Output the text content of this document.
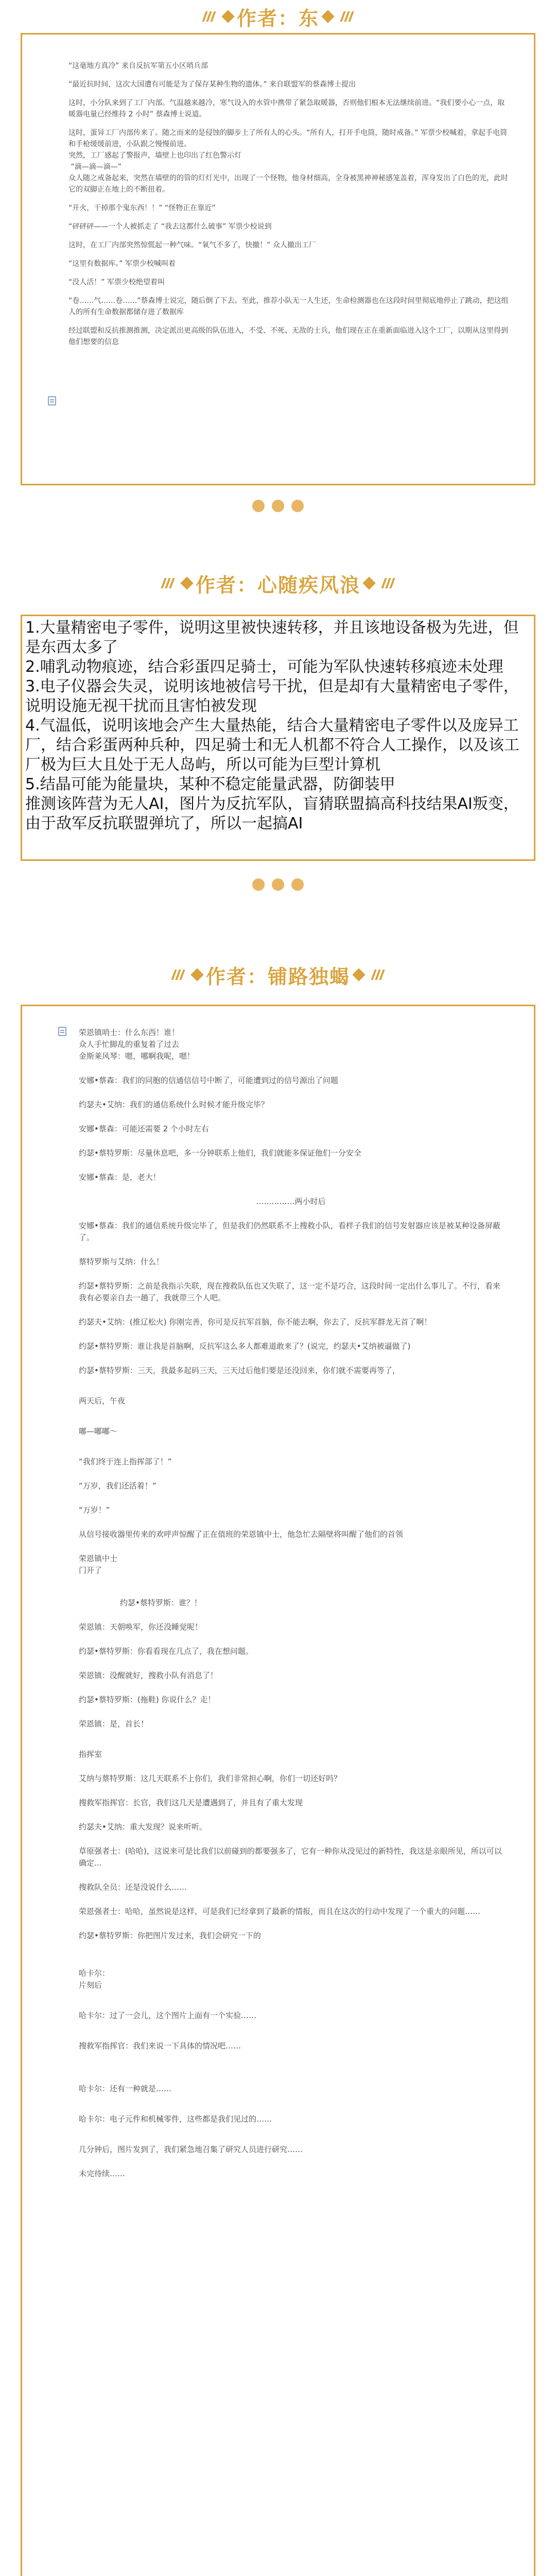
作者：东

“这毫地方真冷” 来自反抗军第五小区哨兵部

“最近抗时间，这次大国遭有可能是为了保存某种生物的遗体。” 来自联盟军的蔡森博士提出

这时，小分队来到了工厂内部。气温越来越冷，寒气设入的水管中携带了紧急取暖器，否则他们根本无法继续前进。“我们要小心一点，取暖器电量已经维持 2 小时” 蔡森博士说道。

这时，蛋异工厂内部传来了。随之而来的是侵蚀的脚步上了所有人的心头。“所有人，打开手电筒，随时戒备。” 军票少校喊着，拿起手电筒和手枪缓缓前进，小队跟之慢慢前进。
突然，工厂感起了警报声，墙壁上也印出了红色警示灯
“滴—滴—滴—”
众人随之戒备起来，突然在墙壁的的管的灯灯光中，出现了一个怪物，他身材细高，全身被黑神神秘感笼盖着，浑身发出了白色的光，此时它的双脚正在地上的不断扭着。

“开火，干掉那个鬼东西！！” “怪物正在靠近”

“砰砰砰——一个人被抓走了 “我去这都什么破事” 军票少校说到

这时，在工厂内部突然惊慌起一种气味。“氧气不多了，快撤！” 众人撤出工厂

“这里有数据库。” 军票少校喊叫着

“没人活！” 军票少校绝望着叫

“卷……气……卷……”蔡森博士说完，随后倒了下去。至此，推荐小队无一人生还，生命检测器也在这段时间里彻底地停止了跳动，把这组人的所有生命数据都储存进了数据库

经过联盟和反抗推测推测，决定派出更高级的队伍进入，不受、不死、无敌的士兵，他们现在正在重新面临进入这个工厂，以期从这里得到他们想要的信息

作者：心随疾风浪

1.大量精密电子零件，说明这里被快速转移，并且该地设备极为先进，但是东西太多了

2.哺乳动物痕迹，结合彩蛋四足骑士，可能为军队快速转移痕迹未处理

3.电子仪器会失灵，说明该地被信号干扰，但是却有大量精密电子零件，说明设施无视干扰而且害怕被发现

4.气温低，说明该地会产生大量热能，结合大量精密电子零件以及庞异工厂，结合彩蛋两种兵种，四足骑士和无人机都不符合人工操作，以及该工厂极为巨大且处于无人岛屿，所以可能为巨型计算机

5.结晶可能为能量块，某种不稳定能量武器，防御装甲

推测该阵营为无人AI，图片为反抗军队，盲猜联盟搞高科技结果AI叛变，由于敌军反抗联盟弹坑了，所以一起搞AI

作者：铺路独蝎

荣恩镇哨士：什么东西！谁！
众人手忙脚乱的重复着了过去
金斯莱风琴：嗯，哪啊我呢，嗯！

安娜•蔡森：我们的同胞的信通信信号中断了，可能遭到过的信号源出了问题

约瑟夫•艾纳：我们的通信系统什么时候才能升级完毕？

安娜•蔡森：可能还需要 2 个小时左右

约瑟•蔡特罗斯：尽量休息吧，多一分钟联系上他们，我们就能多保证他们一分安全

安娜•蔡森：是，老大！

……………两小时后

安娜•蔡森：我们的通信系统升级完毕了，但是我们仍然联系不上搜救小队，看样子我们的信号发射器应该是被某种设备屏蔽了。

蔡特罗斯与艾纳：什么！

约瑟•蔡特罗斯：之前是我指示失联，现在搜救队伍也又失联了，这一定不是巧合，这段时间一定出什么事儿了。不行，看来我有必要亲自去一趟了，我就带三个人吧。

约瑟夫•艾纳：(推辽松火) 你刚完善，你可是反抗军首脑，你不能去啊，你去了，反抗军群龙无首了啊！

约瑟•蔡特罗斯：谁让我是首脑啊，反抗军这么多人都难道敢来了？(说完，约瑟夫•艾纳被逼做了)

约瑟•蔡特罗斯：三天，我最多起码三天，三天过后他们要是还没回来，你们就不需要再等了，

两天后，午夜

嘟—嘟嘟～

“我们终于连上指挥部了！”

“万岁，我们还活着！”

“万岁！”

从信号接收器里传来的欢呼声惊醒了正在值班的荣恩镇中士，他急忙去隔壁将叫醒了他们的首领

荣恩镇中士
门开了

约瑟•蔡特罗斯：谁？！

荣恩镇：天朝唤军，你还没睡觉呢！

约瑟•蔡特罗斯：你看看现在几点了，我在想问题。

荣恩镇：没醒就好，搜救小队有消息了！

约瑟•蔡特罗斯：(拖鞋) 你说什么？走！

荣恩镇：是，首长！

指挥室

艾纳与蔡特罗斯：这几天联系不上你们，我们非常担心啊，你们一切还好吗？

搜救军指挥官：长官，我们这几天是遭遇到了，并且有了重大发现

约瑟夫•艾纳：重大发现？说来听听。

草原强者士：(哈哈)，这说来可是比我们以前碰到的都要强多了，它有一种你从没见过的新特性，我这是亲眼所见，所以可以确定...

搜救队全员：还是没说什么……

荣恩强者士：哈哈，虽然说是这样，可是我们已经拿到了最新的情报，而且在这次的行动中发现了一个重大的问题……

约瑟•蔡特罗斯：你把图片发过来，我们会研究一下的

哈卡尔：
片刻后

哈卡尔：过了一会儿，这个图片上面有一个实验……

搜救军指挥官：我们来说一下具体的情况吧……

哈卡尔：还有一种就是……

哈卡尔：电子元件和机械零件，这些都是我们见过的……

几分钟后，图片发到了，我们紧急地召集了研究人员进行研究……

未完待续……
